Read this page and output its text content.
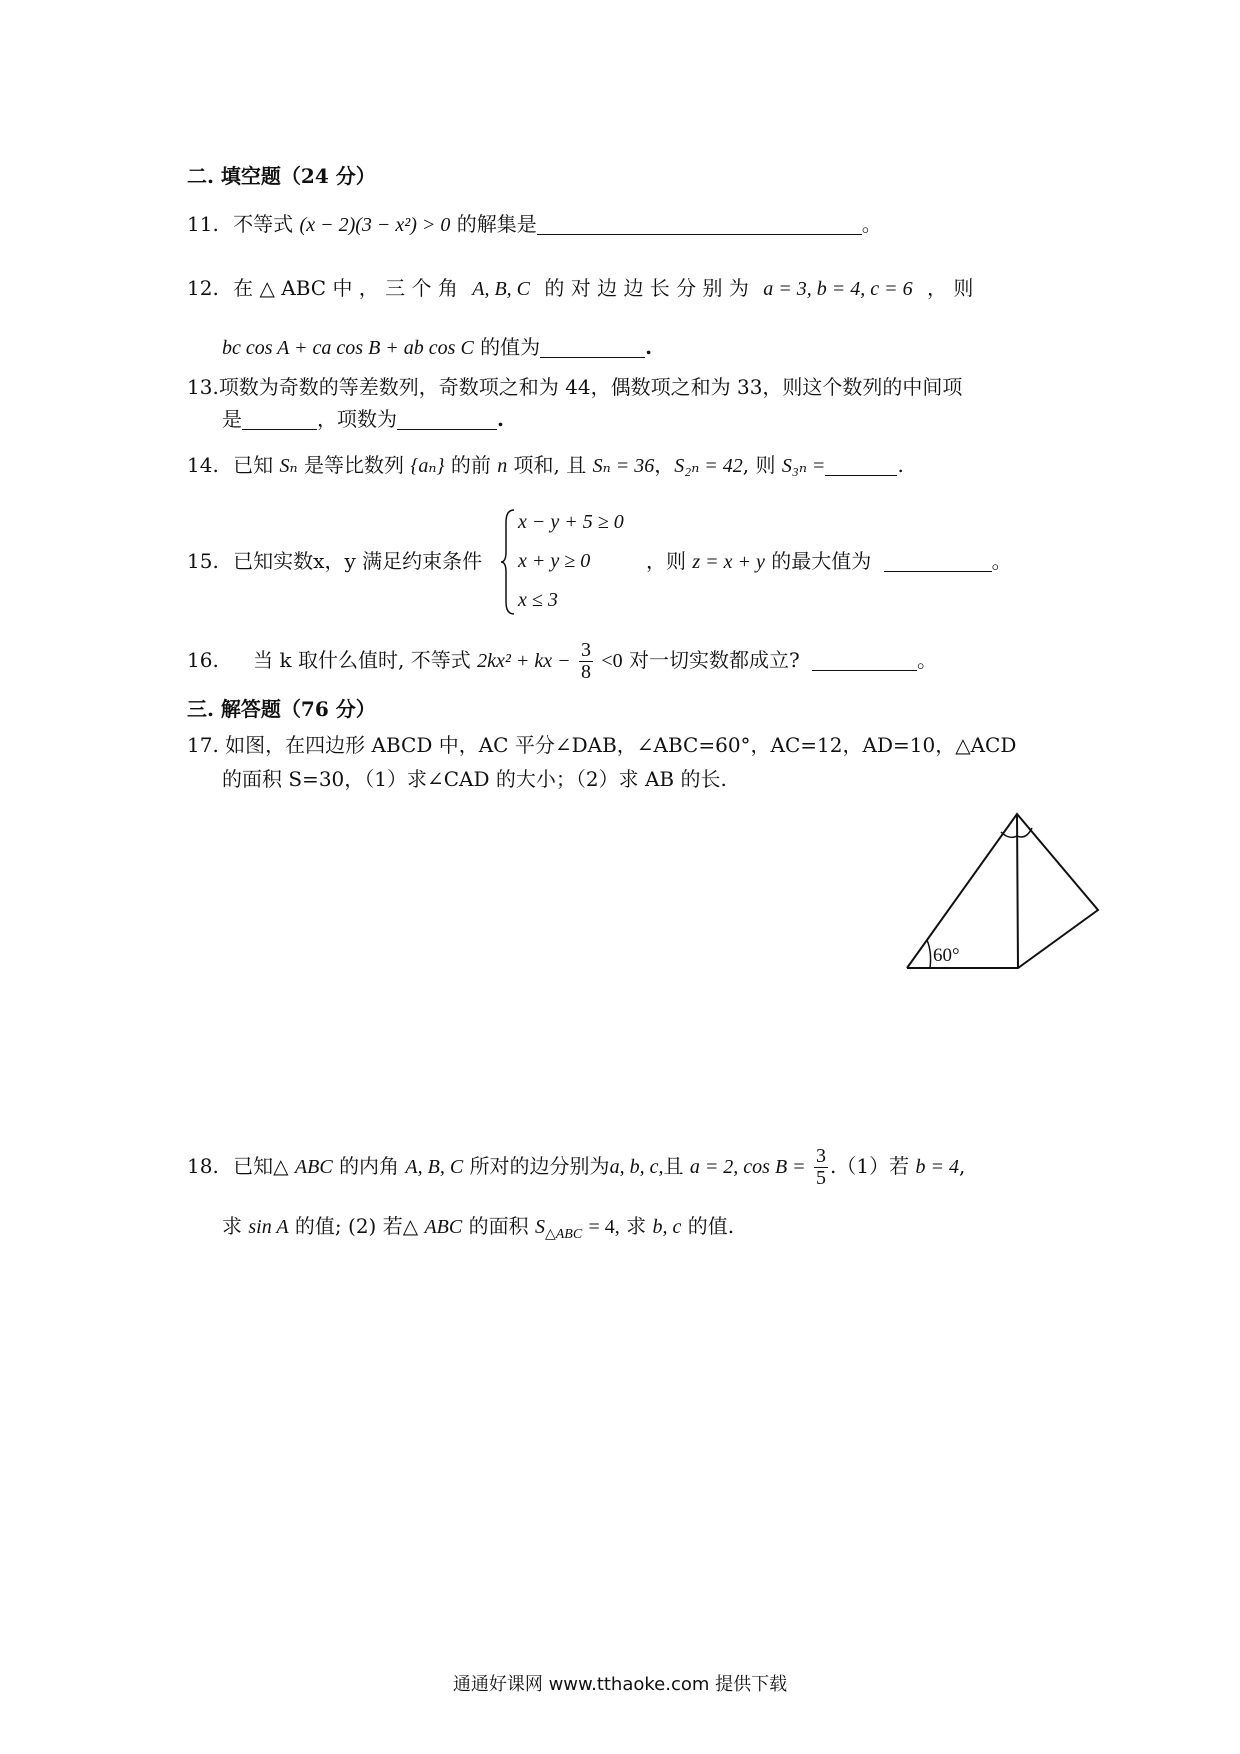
二. 填空题（24 分）
11. 不等式 (x − 2)(3 − x²) > 0 的解集是	。
12. 在 △ ABC 中 ， 三 个 角 A, B, C 的 对 边 边 长 分 别 为 a = 3, b = 4, c = 6 ， 则
bc cos A + ca cos B + ab cos C 的值为	.
13.项数为奇数的等差数列，奇数项之和为 44，偶数项之和为 33，则这个数列的中间项
是	，项数为	.
14. 已知 Sₙ 是等比数列 {aₙ} 的前 n 项和, 且 Sₙ = 36，S₂ₙ = 42, 则 S₃ₙ =	.
15. 已知实数x，y 满足约束条件
x − y + 5 ≥ 0
x + y ≥ 0
x ≤ 3
，则 z = x + y 的最大值为	。
16. 当 k 取什么值时, 不等式 2kx² + kx − $\frac{3}{8} <0$ 对一切实数都成立?	。
三. 解答题（76 分）
17. 如图，在四边形 ABCD 中，AC 平分∠DAB，∠ABC=60°，AC=12，AD=10，△ACD
的面积 S=30，（1）求∠CAD 的大小；（2）求 AB 的长.
60°
18. 已知△ ABC 的内角 A, B, C 所对的边分别为a, b, c,且 a = 2, $\cos B = \frac{3}{5} .(1)$若 b = 4,
求 sin A 的值; (2) 若△ ABC 的面积 $S_{\triangle ABC} = 4$, 求 b, c 的值.
通通好课网 www.tthaoke.com 提供下载
